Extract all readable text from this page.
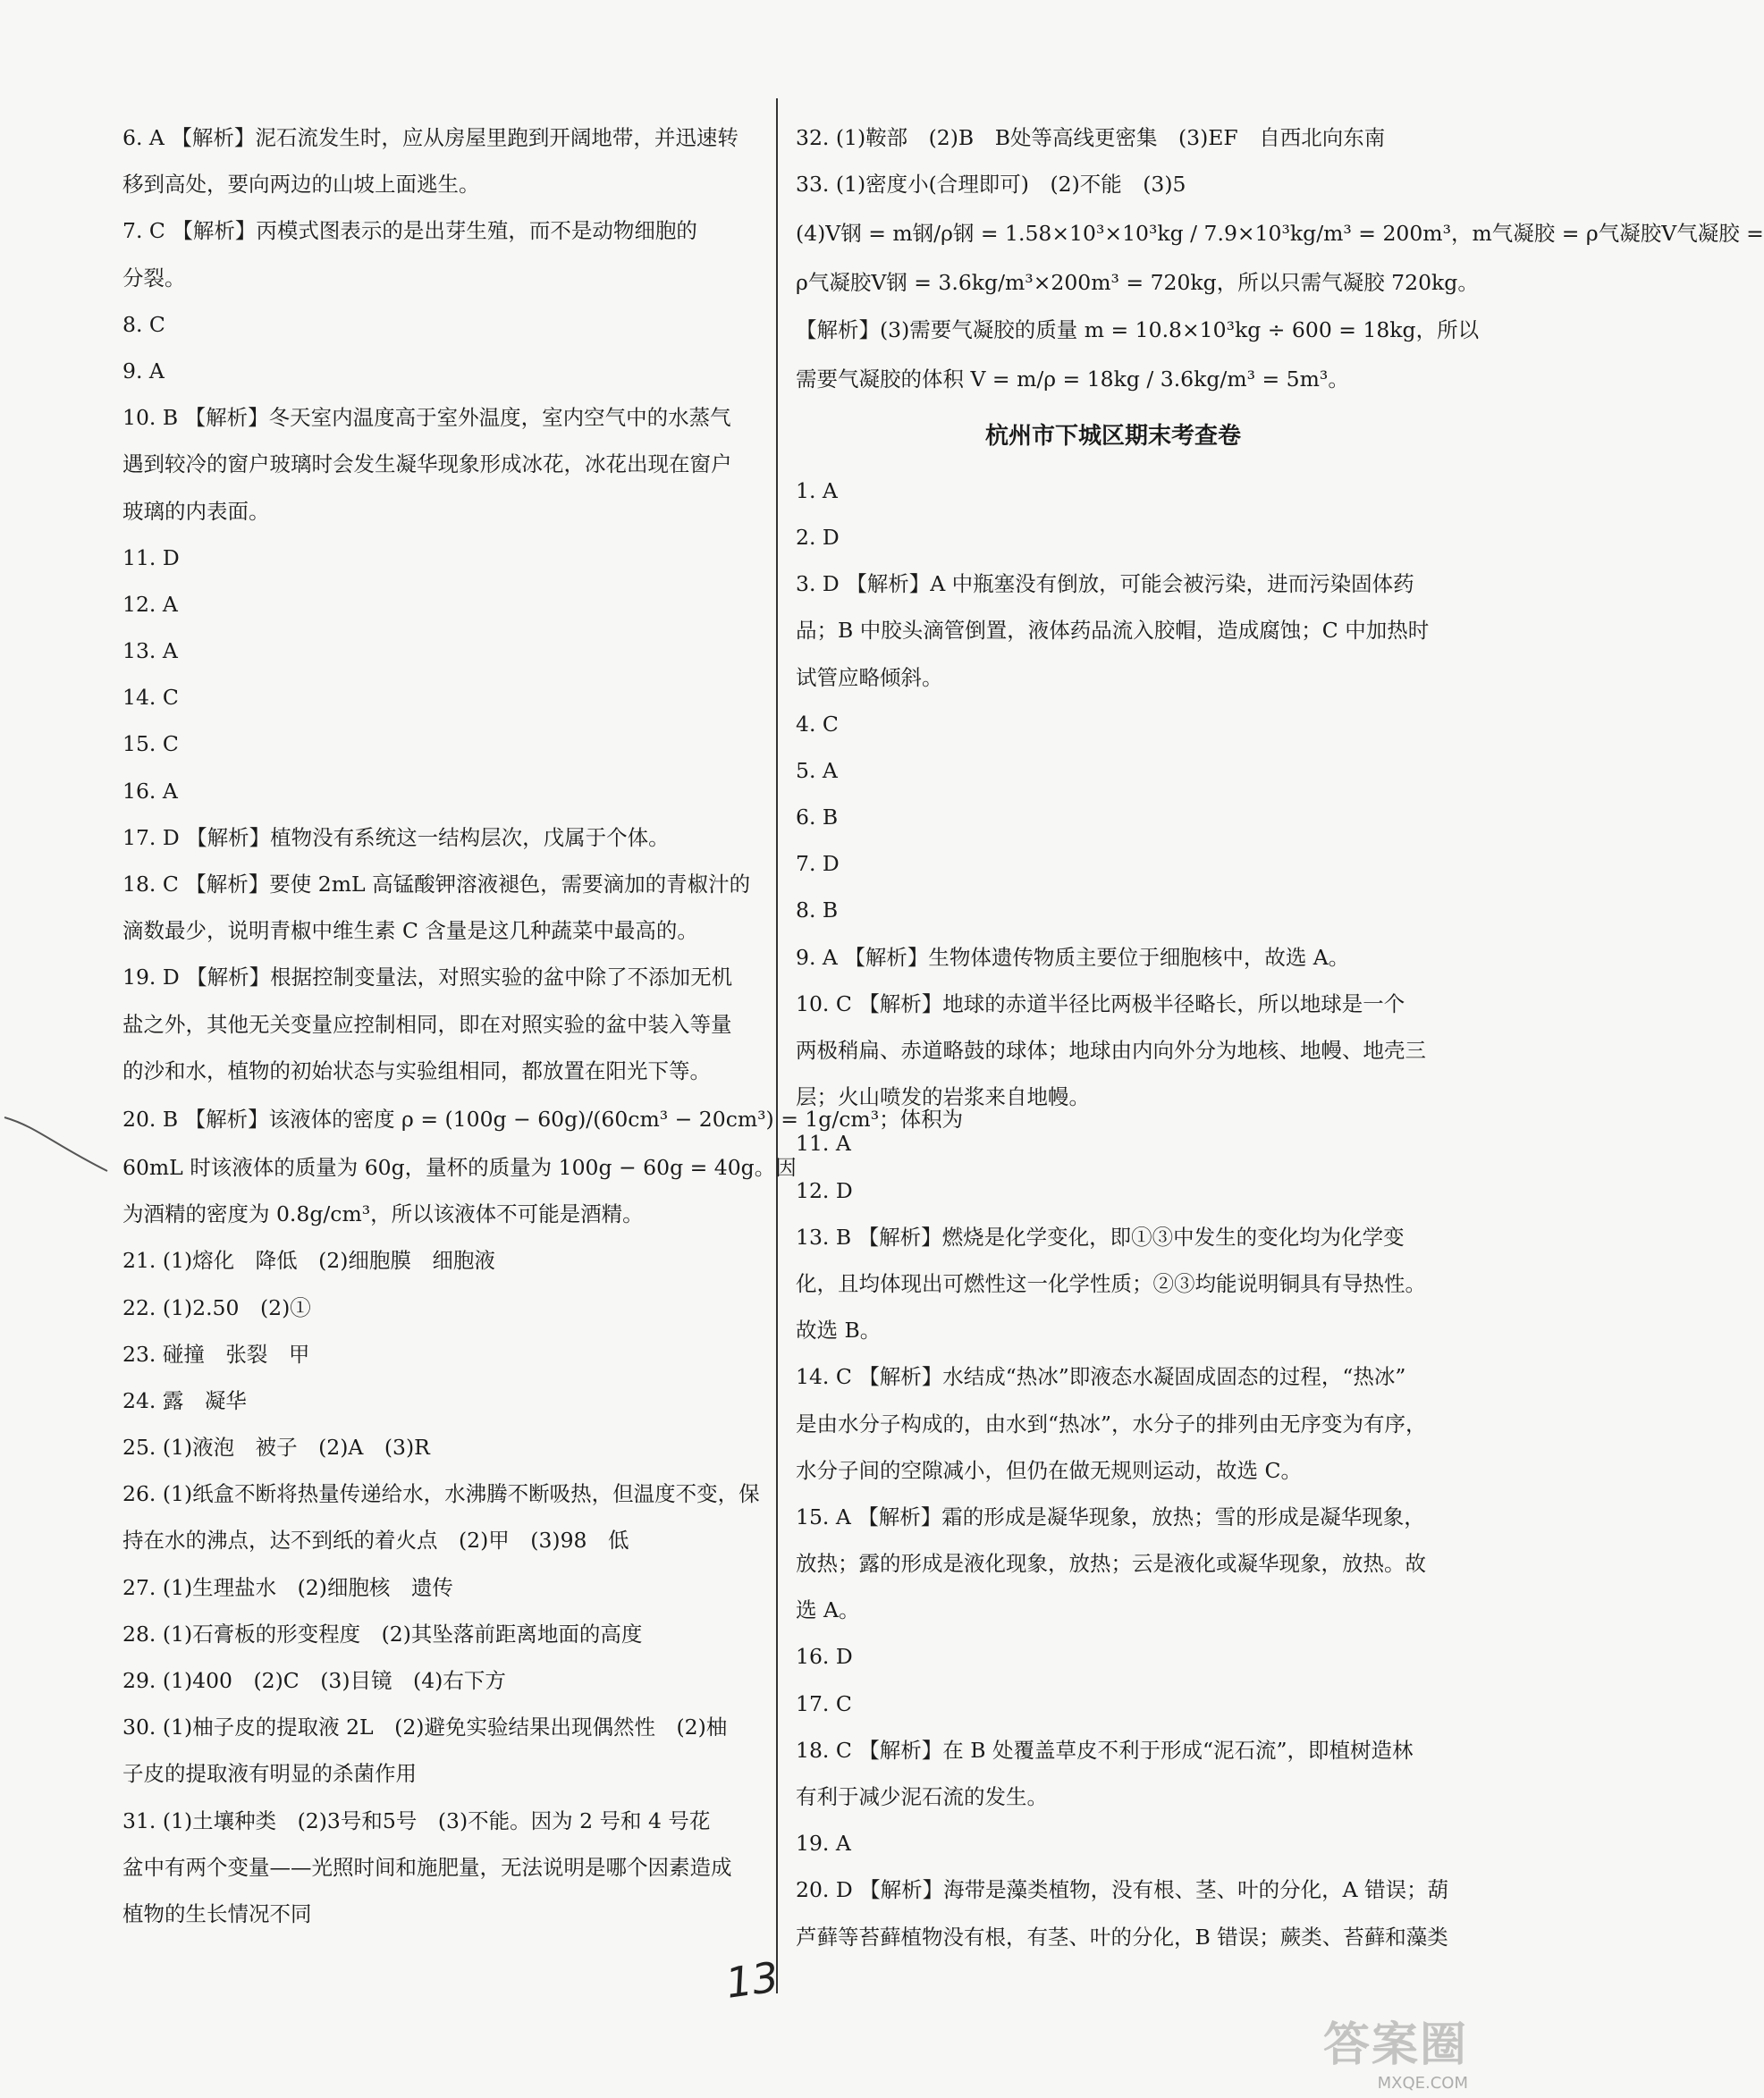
6. A 【解析】泥石流发生时，应从房屋里跑到开阔地带，并迅速转
移到高处，要向两边的山坡上面逃生。
7. C 【解析】丙模式图表示的是出芽生殖，而不是动物细胞的
分裂。
8. C
9. A
10. B 【解析】冬天室内温度高于室外温度，室内空气中的水蒸气
遇到较冷的窗户玻璃时会发生凝华现象形成冰花，冰花出现在窗户
玻璃的内表面。
11. D
12. A
13. A
14. C
15. C
16. A
17. D 【解析】植物没有系统这一结构层次，戊属于个体。
18. C 【解析】要使 2mL 高锰酸钾溶液褪色，需要滴加的青椒汁的
滴数最少，说明青椒中维生素 C 含量是这几种蔬菜中最高的。
19. D 【解析】根据控制变量法，对照实验的盆中除了不添加无机
盐之外，其他无关变量应控制相同，即在对照实验的盆中装入等量
的沙和水，植物的初始状态与实验组相同，都放置在阳光下等。
20. B 【解析】该液体的密度 ρ = (100g − 60g)/(60cm³ − 20cm³) = 1g/cm³；体积为
60mL 时该液体的质量为 60g，量杯的质量为 100g − 60g = 40g。因
为酒精的密度为 0.8g/cm³，所以该液体不可能是酒精。
21. (1)熔化　降低　(2)细胞膜　细胞液
22. (1)2.50　(2)①
23. 碰撞　张裂　甲
24. 露　凝华
25. (1)液泡　被子　(2)A　(3)R
26. (1)纸盒不断将热量传递给水，水沸腾不断吸热，但温度不变，保
持在水的沸点，达不到纸的着火点　(2)甲　(3)98　低
27. (1)生理盐水　(2)细胞核　遗传
28. (1)石膏板的形变程度　(2)其坠落前距离地面的高度
29. (1)400　(2)C　(3)目镜　(4)右下方
30. (1)柚子皮的提取液 2L　(2)避免实验结果出现偶然性　(2)柚
子皮的提取液有明显的杀菌作用
31. (1)土壤种类　(2)3号和5号　(3)不能。因为 2 号和 4 号花
盆中有两个变量——光照时间和施肥量，无法说明是哪个因素造成
植物的生长情况不同
32. (1)鞍部　(2)B　B处等高线更密集　(3)EF　自西北向东南
33. (1)密度小(合理即可)　(2)不能　(3)5
(4)V钢 = m钢/ρ钢 = 1.58×10³×10³kg / 7.9×10³kg/m³ = 200m³，m气凝胶 = ρ气凝胶V气凝胶 =
ρ气凝胶V钢 = 3.6kg/m³×200m³ = 720kg，所以只需气凝胶 720kg。
【解析】(3)需要气凝胶的质量 m = 10.8×10³kg ÷ 600 = 18kg，所以
需要气凝胶的体积 V = m/ρ = 18kg / 3.6kg/m³ = 5m³。
杭州市下城区期末考查卷
1. A
2. D
3. D 【解析】A 中瓶塞没有倒放，可能会被污染，进而污染固体药
品；B 中胶头滴管倒置，液体药品流入胶帽，造成腐蚀；C 中加热时
试管应略倾斜。
4. C
5. A
6. B
7. D
8. B
9. A 【解析】生物体遗传物质主要位于细胞核中，故选 A。
10. C 【解析】地球的赤道半径比两极半径略长，所以地球是一个
两极稍扁、赤道略鼓的球体；地球由内向外分为地核、地幔、地壳三
层；火山喷发的岩浆来自地幔。
11. A
12. D
13. B 【解析】燃烧是化学变化，即①③中发生的变化均为化学变
化，且均体现出可燃性这一化学性质；②③均能说明铜具有导热性。
故选 B。
14. C 【解析】水结成“热冰”即液态水凝固成固态的过程，“热冰”
是由水分子构成的，由水到“热冰”，水分子的排列由无序变为有序，
水分子间的空隙减小，但仍在做无规则运动，故选 C。
15. A 【解析】霜的形成是凝华现象，放热；雪的形成是凝华现象，
放热；露的形成是液化现象，放热；云是液化或凝华现象，放热。故
选 A。
16. D
17. C
18. C 【解析】在 B 处覆盖草皮不利于形成“泥石流”，即植树造林
有利于减少泥石流的发生。
19. A
20. D 【解析】海带是藻类植物，没有根、茎、叶的分化，A 错误；葫
芦藓等苔藓植物没有根，有茎、叶的分化，B 错误；蕨类、苔藓和藻类
13
答案圈
MXQE.COM
